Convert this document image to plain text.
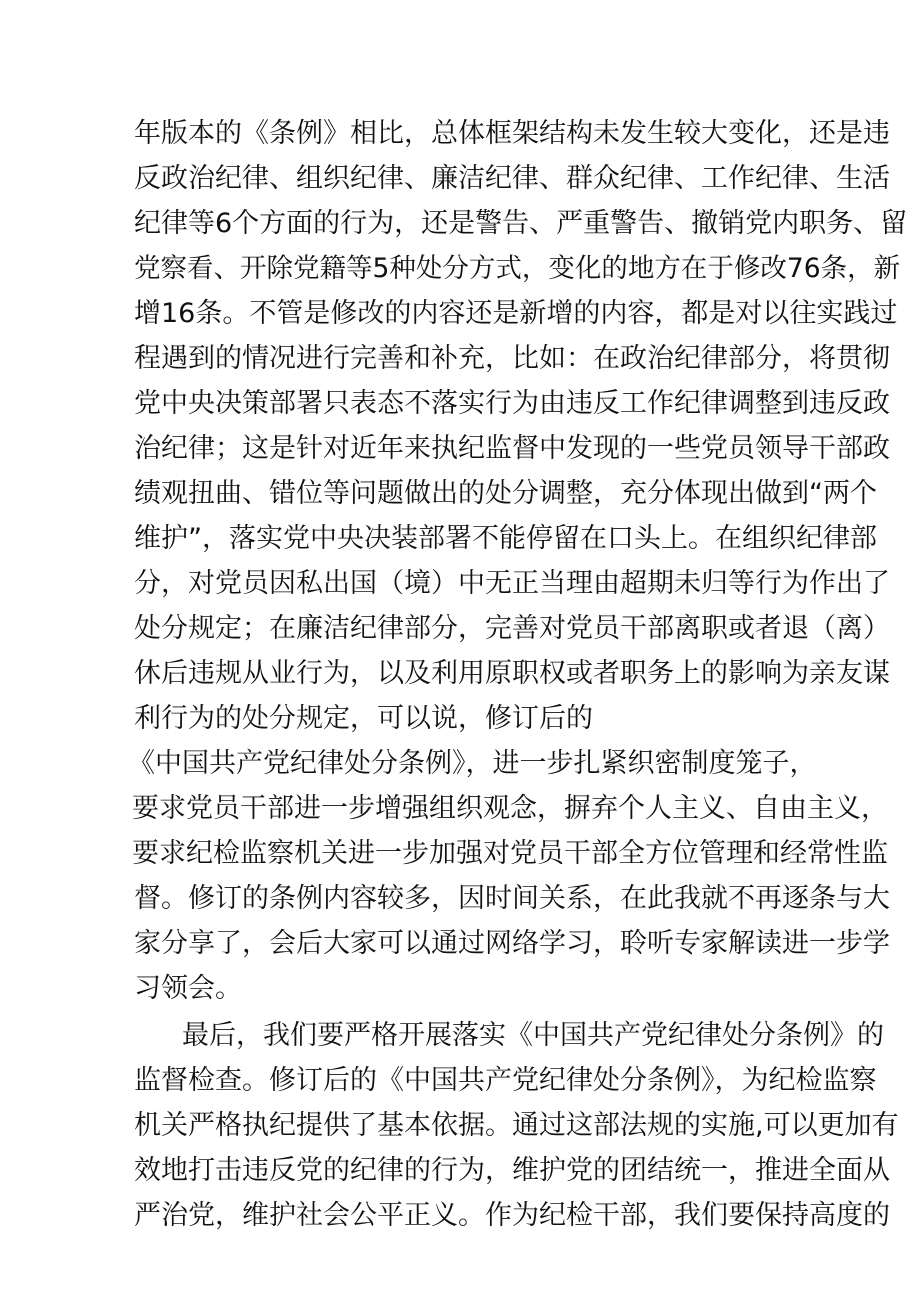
年版本的《条例》相比，总体框架结构未发生较大变化，还是违

反政治纪律、组织纪律、廉洁纪律、群众纪律、工作纪律、生活

纪律等6个方面的行为，还是警告、严重警告、撤销党内职务、留

党察看、开除党籍等5种处分方式，变化的地方在于修改76条，新

增16条。不管是修改的内容还是新增的内容，都是对以往实践过

程遇到的情况进行完善和补充，比如：在政治纪律部分，将贯彻

党中央决策部署只表态不落实行为由违反工作纪律调整到违反政

治纪律；这是针对近年来执纪监督中发现的一些党员领导干部政

绩观扭曲、错位等问题做出的处分调整，充分体现出做到“两个

维护”，落实党中央决装部署不能停留在口头上。在组织纪律部

分，对党员因私出国（境）中无正当理由超期未归等行为作出了

处分规定；在廉洁纪律部分，完善对党员干部离职或者退（离）

休后违规从业行为，以及利用原职权或者职务上的影响为亲友谋

利行为的处分规定，可以说，修订后的

《中国共产党纪律处分条例》，进一步扎紧织密制度笼子，

要求党员干部进一步增强组织观念，摒弃个人主义、自由主义，

要求纪检监察机关进一步加强对党员干部全方位管理和经常性监

督。修订的条例内容较多，因时间关系，在此我就不再逐条与大

家分享了，会后大家可以通过网络学习，聆听专家解读进一步学

习领会。

最后，我们要严格开展落实《中国共产党纪律处分条例》的

监督检查。修订后的《中国共产党纪律处分条例》，为纪检监察

机关严格执纪提供了基本依据。通过这部法规的实施,可以更加有

效地打击违反党的纪律的行为，维护党的团结统一，推进全面从

严治党，维护社会公平正义。作为纪检干部，我们要保持高度的
